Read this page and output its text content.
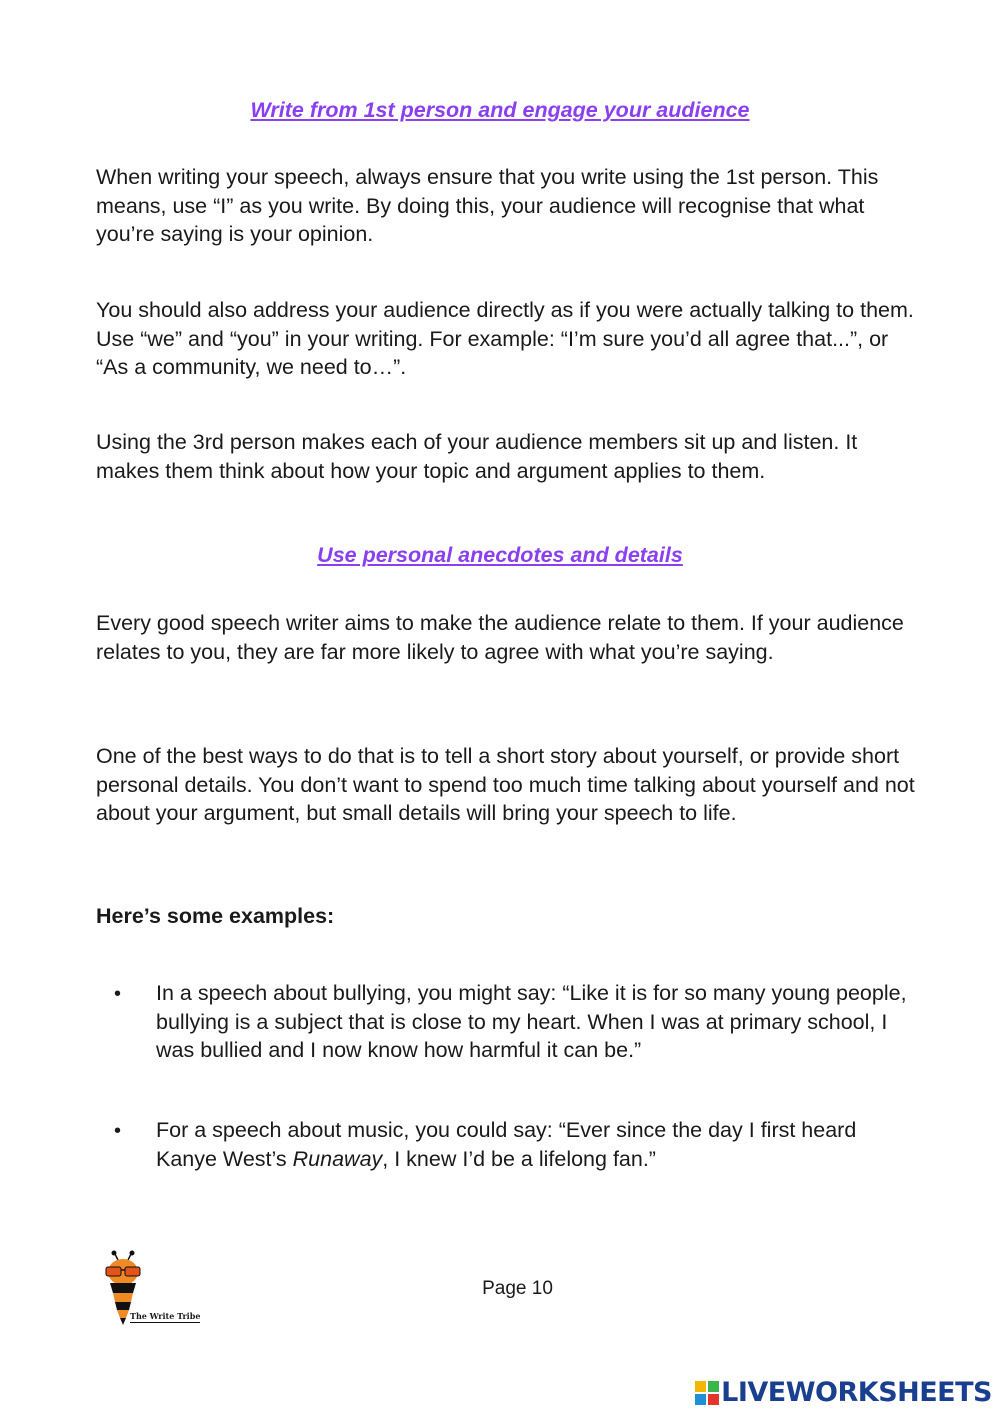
Write from 1st person and engage your audience

When writing your speech, always ensure that you write using the 1st person. This means, use “I” as you write. By doing this, your audience will recognise that what you’re saying is your opinion.

You should also address your audience directly as if you were actually talking to them. Use “we” and “you” in your writing. For example: “I’m sure you’d all agree that...”, or “As a community, we need to…”.

Using the 3rd person makes each of your audience members sit up and listen. It makes them think about how your topic and argument applies to them.

Use personal anecdotes and details

Every good speech writer aims to make the audience relate to them. If your audience relates to you, they are far more likely to agree with what you’re saying.

One of the best ways to do that is to tell a short story about yourself, or provide short personal details. You don’t want to spend too much time talking about yourself and not about your argument, but small details will bring your speech to life.

Here’s some examples:

• In a speech about bullying, you might say: “Like it is for so many young people, bullying is a subject that is close to my heart. When I was at primary school, I was bullied and I now know how harmful it can be.”

• For a speech about music, you could say: “Ever since the day I first heard Kanye West’s Runaway, I knew I’d be a lifelong fan.”

The Write Tribe
Page 10
LIVEWORKSHEETS
